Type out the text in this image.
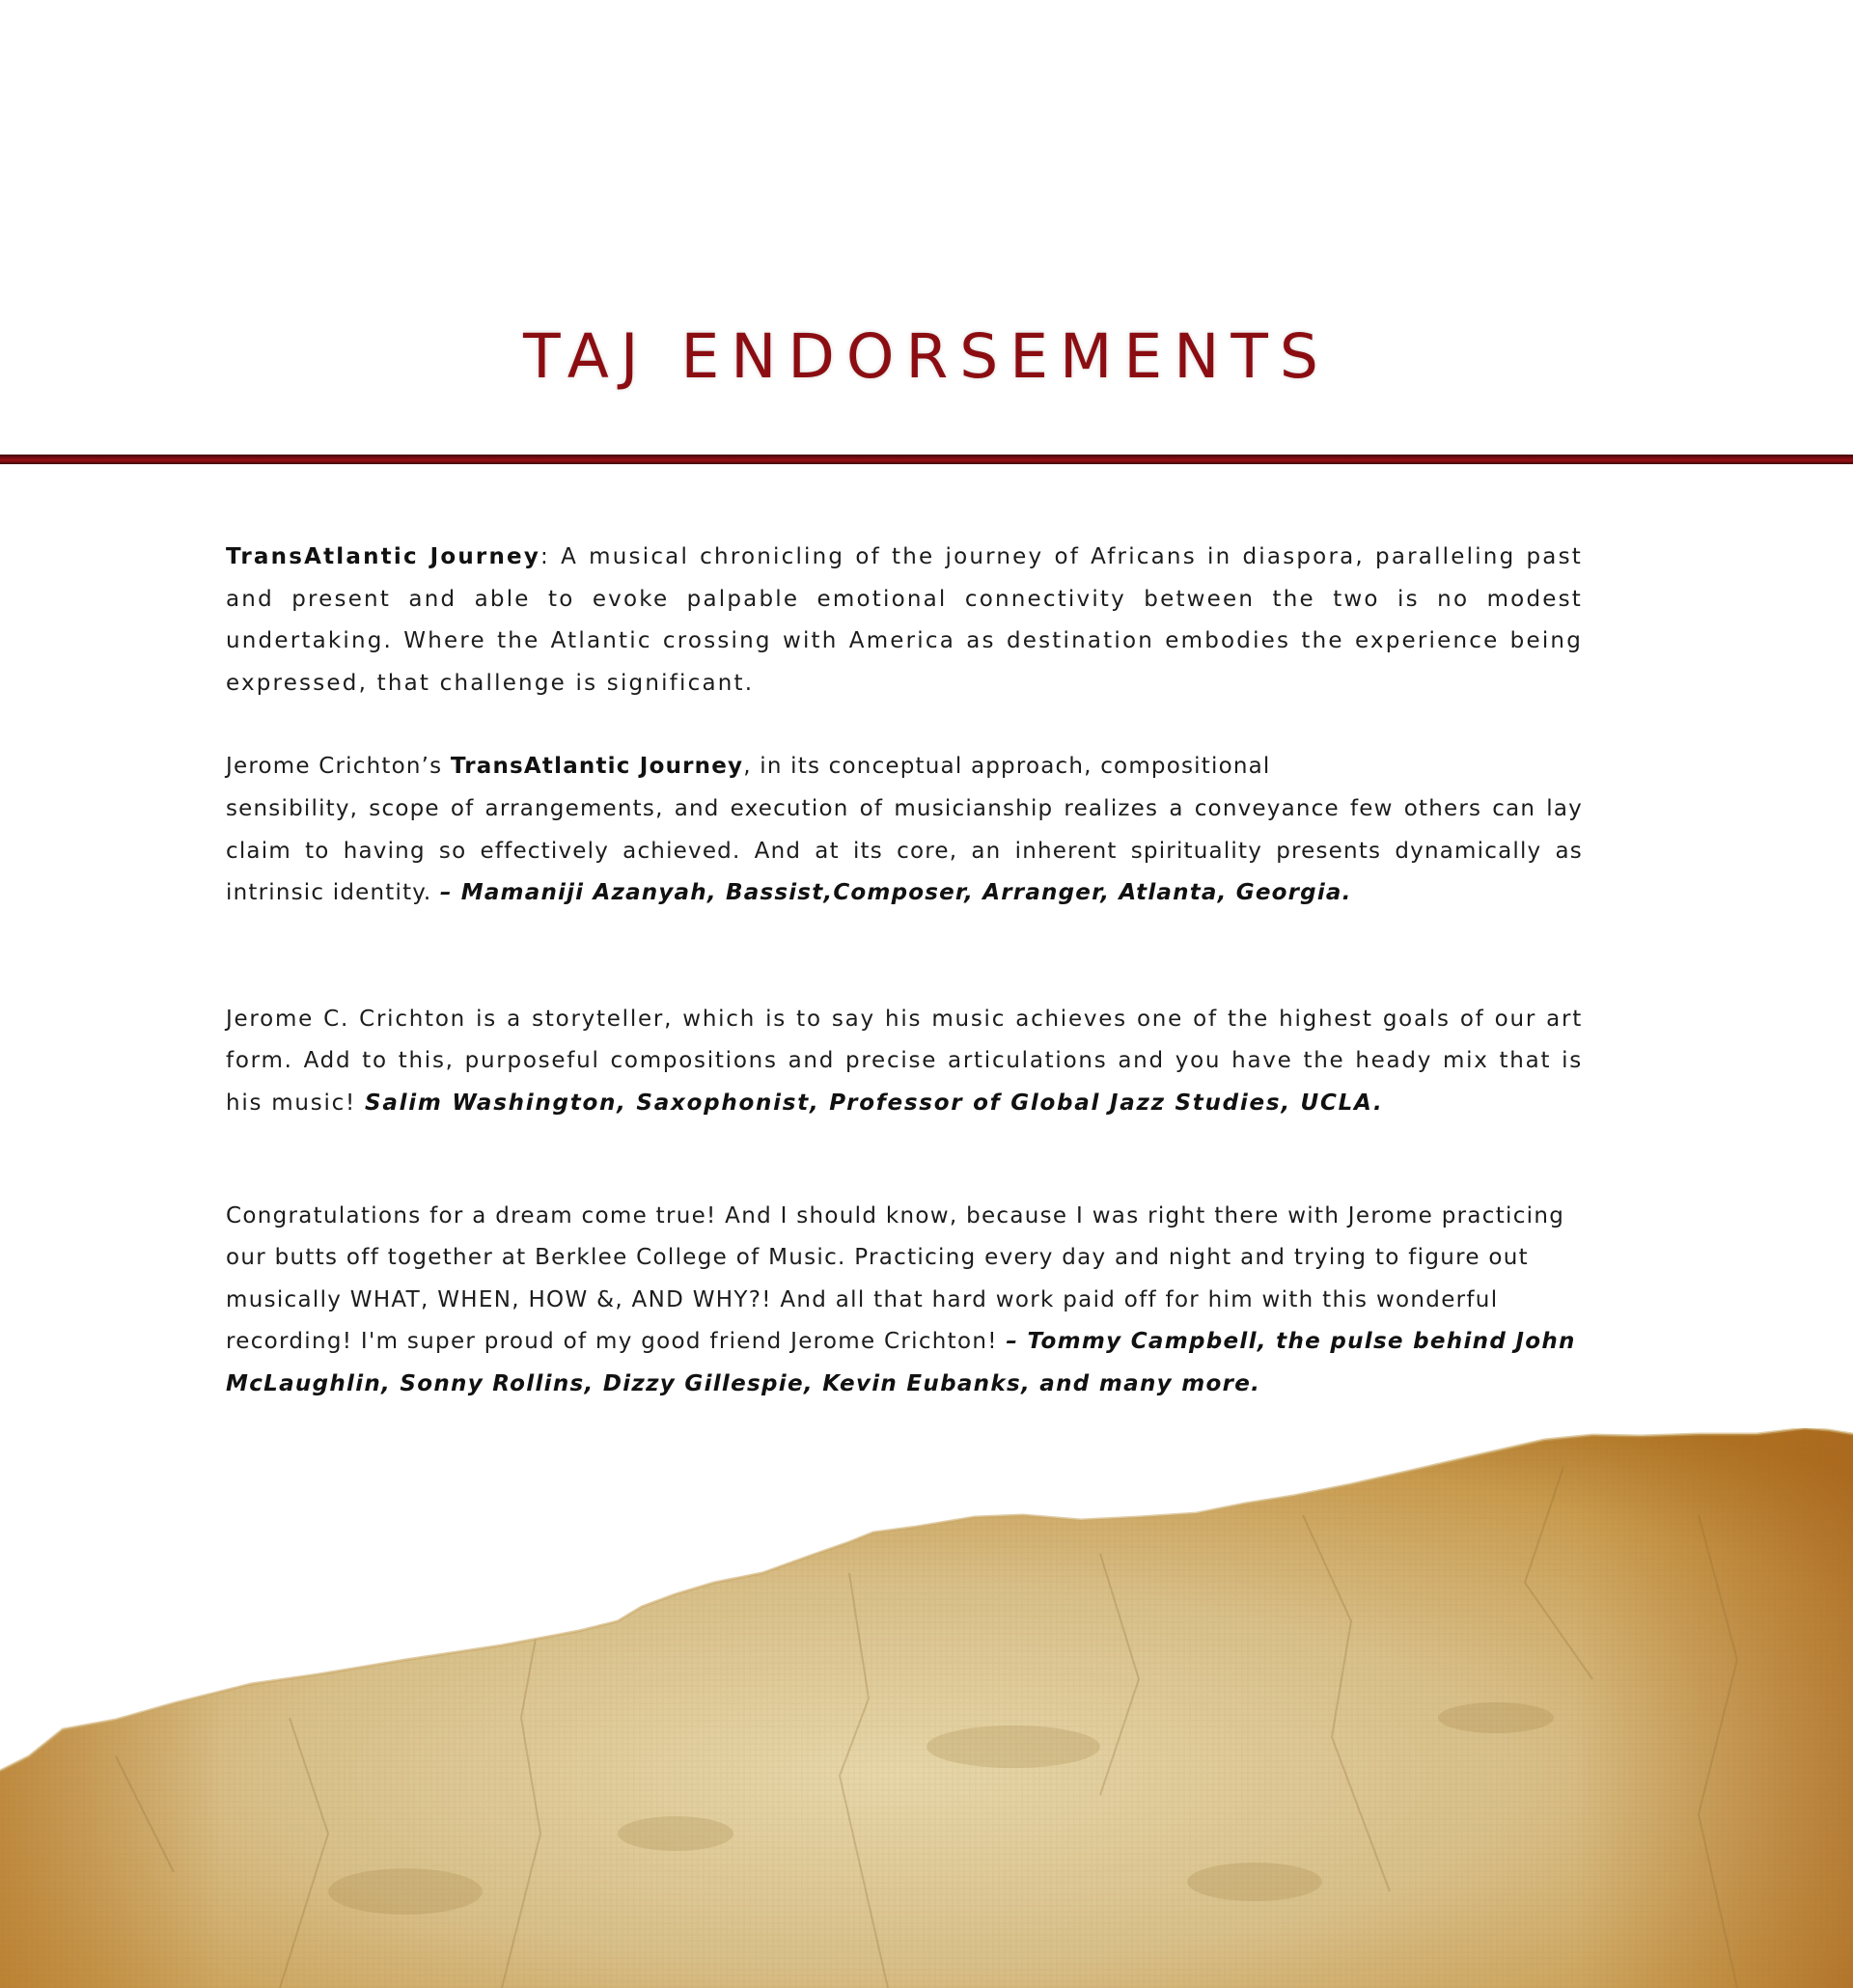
TAJ ENDORSEMENTS

TransAtlantic Journey: A musical chronicling of the journey of Africans in diaspora, paralleling past and present and able to evoke palpable emotional connectivity between the two is no modest undertaking. Where the Atlantic crossing with America as destination embodies the experience being expressed, that challenge is significant.

Jerome Crichton’s TransAtlantic Journey, in its conceptual approach, compositional
sensibility, scope of arrangements, and execution of musicianship realizes a conveyance few others can lay claim to having so effectively achieved. And at its core, an inherent spirituality presents dynamically as intrinsic identity. – Mamaniji Azanyah, Bassist,Composer, Arranger, Atlanta, Georgia.

Jerome C. Crichton is a storyteller, which is to say his music achieves one of the highest goals of our art form. Add to this, purposeful compositions and precise articulations and you have the heady mix that is his music! Salim Washington, Saxophonist, Professor of Global Jazz Studies, UCLA.

Congratulations for a dream come true! And I should know, because I was right there with Jerome practicing our butts off together at Berklee College of Music. Practicing every day and night and trying to figure out musically WHAT, WHEN, HOW &, AND WHY?! And all that hard work paid off for him with this wonderful recording! I'm super proud of my good friend Jerome Crichton! – Tommy Campbell, the pulse behind John McLaughlin, Sonny Rollins, Dizzy Gillespie, Kevin Eubanks, and many more.
